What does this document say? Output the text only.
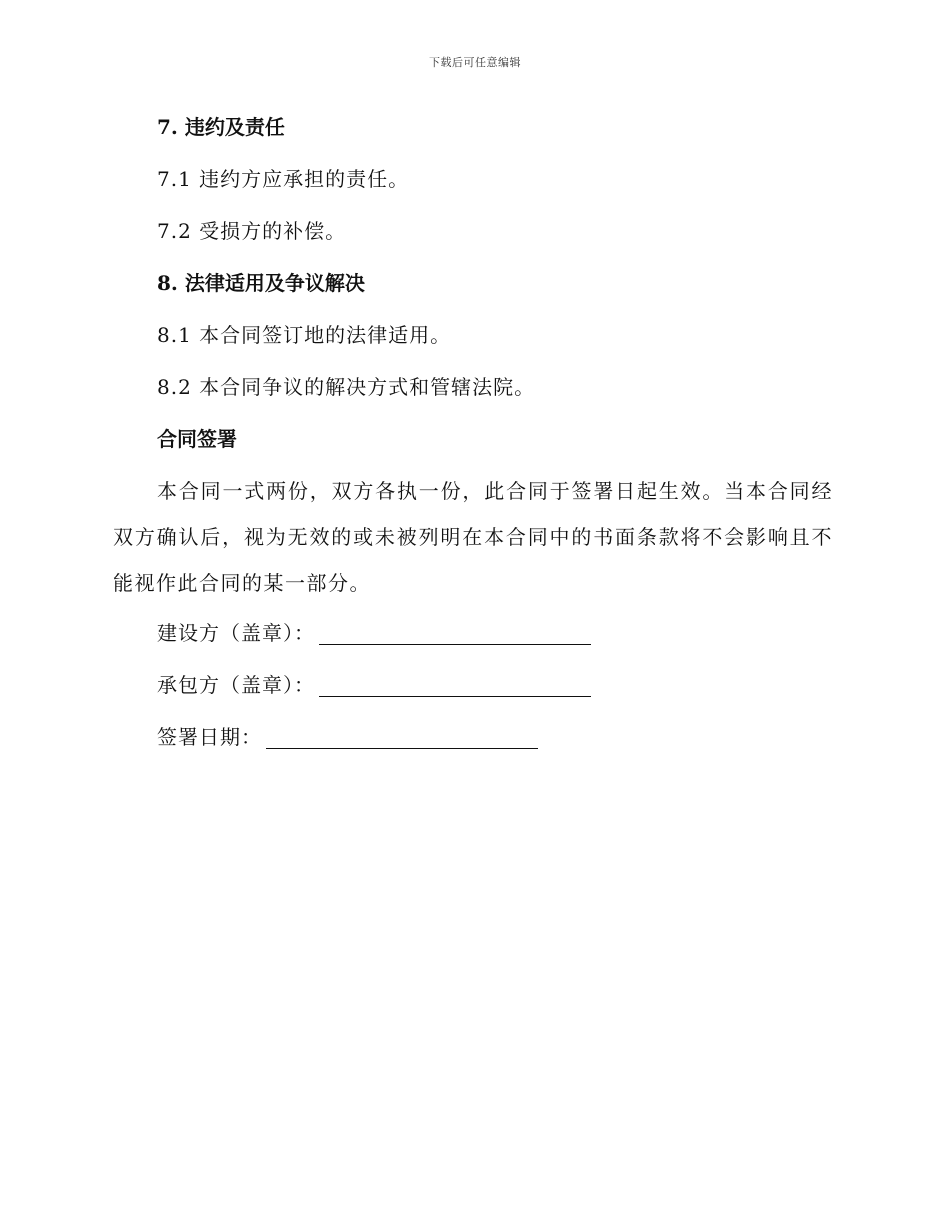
下载后可任意编辑
7. 违约及责任
7.1 违约方应承担的责任。
7.2 受损方的补偿。
8. 法律适用及争议解决
8.1 本合同签订地的法律适用。
8.2 本合同争议的解决方式和管辖法院。
合同签署
本合同一式两份，双方各执一份，此合同于签署日起生效。当本合同经双方确认后，视为无效的或未被列明在本合同中的书面条款将不会影响且不能视作此合同的某一部分。
建设方（盖章）：
承包方（盖章）：
签署日期：
